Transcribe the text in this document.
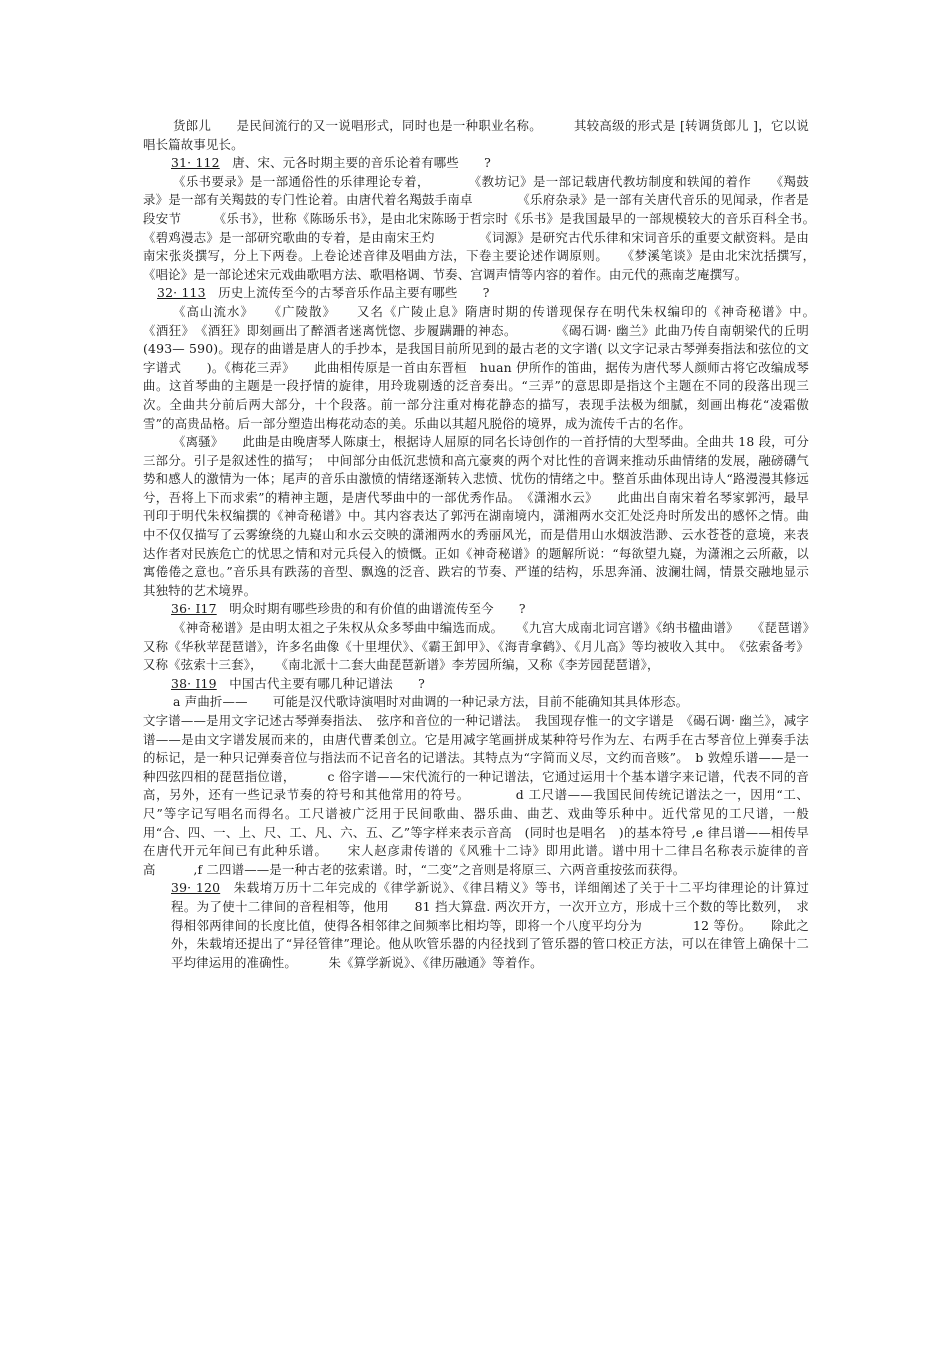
货郎儿　　是民间流行的又一说唱形式，同时也是一种职业名称。　　　其较高级的形式是 [转调货郎儿 ]，它以说唱长篇故事见长。

31· 112　唐、宋、元各时期主要的音乐论着有哪些　　?

《乐书要录》是一部通俗性的乐律理论专着，　　　　《教坊记》是一部记载唐代教坊制度和轶闻的着作　　《羯鼓录》是一部有关羯鼓的专门性论着。由唐代着名羯鼓手南卓　　　　《乐府杂录》是一部有关唐代音乐的见闻录，作者是段安节　　　《乐书》，世称《陈旸乐书》，是由北宋陈旸于哲宗时《乐书》是我国最早的一部规模较大的音乐百科全书。　　　《碧鸡漫志》是一部研究歌曲的专着，是由南宋王灼　　　　《词源》是研究古代乐律和宋词音乐的重要文献资料。是由南宋张炎撰写，分上下两卷。上卷论述音律及唱曲方法，下卷主要论述作调原则。　　《梦溪笔谈》是由北宋沈括撰写，　　　　《唱论》是一部论述宋元戏曲歌唱方法、歌唱格调、节奏、宫调声情等内容的着作。由元代的燕南芝庵撰写。

32· 113　历史上流传至今的古琴音乐作品主要有哪些　　?

《高山流水》　　《广陵散》　　又名《广陵止息》隋唐时期的传谱现保存在明代朱权编印的《神奇秘谱》中。　　《酒狂》　《酒狂》即刻画出了醉酒者迷离恍惚、步履蹒跚的神态。　　　　《碣石调· 幽兰》此曲乃传自南朝梁代的丘明　(493— 590)。现存的曲谱是唐人的手抄本，是我国目前所见到的最古老的文字谱( 以文字记录古琴弹奏指法和弦位的文字谱式　　)。《梅花三弄》　　此曲相传原是一首由东晋桓　huan 伊所作的笛曲，据传为唐代琴人颜师古将它改编成琴曲。这首琴曲的主题是一段抒情的旋律，用玲珑剔透的泛音奏出。“三弄”的意思即是指这个主题在不同的段落出现三次。全曲共分前后两大部分，十个段落。前一部分注重对梅花静态的描写，表现手法极为细腻，刻画出梅花“凌霜傲雪”的高贵品格。后一部分塑造出梅花动态的美。乐曲以其超凡脱俗的境界，成为流传千古的名作。

《离骚》　　此曲是由晚唐琴人陈康士，根据诗人屈原的同名长诗创作的一首抒情的大型琴曲。全曲共 18 段，可分三部分。引子是叙述性的描写；　中间部分由低沉悲愤和高亢豪爽的两个对比性的音调来推动乐曲情绪的发展，融磅礴气势和感人的激情为一体；尾声的音乐由激愤的情绪逐渐转入悲愤、忧伤的情绪之中。整首乐曲体现出诗人“路漫漫其修远兮，吾将上下而求索”的精神主题，是唐代琴曲中的一部优秀作品。　《潇湘水云》　　此曲出自南宋着名琴家郭沔，最早刊印于明代朱权编撰的《神奇秘谱》中。其内容表达了郭沔在湖南境内，潇湘两水交汇处泛舟时所发出的感怀之情。曲中不仅仅描写了云雾缭绕的九嶷山和水云交映的潇湘两水的秀丽风光，而是借用山水烟波浩渺、云水苍苍的意境，来表达作者对民族危亡的忧思之情和对元兵侵入的愤慨。正如《神奇秘谱》的题解所说：“每欲望九嶷，为潇湘之云所蔽，以寓倦倦之意也。”音乐具有跌荡的音型、飘逸的泛音、跌宕的节奏、严谨的结构，乐思奔涌、波澜壮阔，情景交融地显示其独特的艺术境界。

36· I17　明众时期有哪些珍贵的和有价值的曲谱流传至今　　?

《神奇秘谱》是由明太祖之子朱权从众多琴曲中编选而成。　　《九宫大成南北词宫谱》《纳书楹曲谱》　　《琵琶谱》又称《华秋苹琵琶谱》，许多名曲像《十里埋伏》、《霸王卸甲》、《海青拿鹤》、《月儿高》等均被收入其中。　《弦索备考》又称《弦索十三套》，　　《南北派十二套大曲琵琶新谱》李芳园所编，又称《李芳园琵琶谱》，

38· I19　中国古代主要有哪几种记谱法　　?

a 声曲折——　　可能是汉代歌诗演唱时对曲调的一种记录方法，目前不能确知其具体形态。

文字谱——是用文字记述古琴弹奏指法、　弦序和音位的一种记谱法。　我国现存惟一的文字谱是　《碣石调· 幽兰》，减字谱——是由文字谱发展而来的，由唐代曹柔创立。它是用减字笔画拼成某种符号作为左、右两手在古琴音位上弹奏手法的标记，是一种只记弹奏音位与指法而不记音名的记谱法。其特点为“字简而义尽，文约而音赅”。　b 敦煌乐谱——是一种四弦四相的琵琶指位谱，　　　c 俗字谱——宋代流行的一种记谱法，它通过运用十个基本谱字来记谱，代表不同的音高，另外，还有一些记录节奏的符号和其他常用的符号。　　　　d 工尺谱——我国民间传统记谱法之一，因用“工、尺”等字记写唱名而得名。工尺谱被广泛用于民间歌曲、器乐曲、曲艺、戏曲等乐种中。近代常见的工尺谱，一般用“合、四、一、上、尺、工、凡、六、五、乙”等字样来表示音高　(同时也是唱名　)的基本符号 ,e 律吕谱——相传早在唐代开元年间已有此种乐谱。　　宋人赵彦肃传谱的《风雅十二诗》即用此谱。谱中用十二律吕名称表示旋律的音高　　　,f 二四谱——是一种古老的弦索谱。时，“二变”之音则是将原三、六两音重按弦而获得。

39· 120　朱载堉万历十二年完成的《律学新说》、《律吕精义》等书，详细阐述了关于十二平均律理论的计算过程。为了使十二律间的音程相等，他用　　81 挡大算盘. 两次开方，一次开立方，形成十三个数的等比数列，　求得相邻两律间的长度比值，使得各相邻律之间频率比相均等，即将一个八度平均分为　　　　12 等份。　　除此之外，朱载堉还提出了“异径管律”理论。他从吹管乐器的内径找到了管乐器的管口校正方法，可以在律管上确保十二平均律运用的准确性。　　　朱《算学新说》、《律历融通》等着作。
